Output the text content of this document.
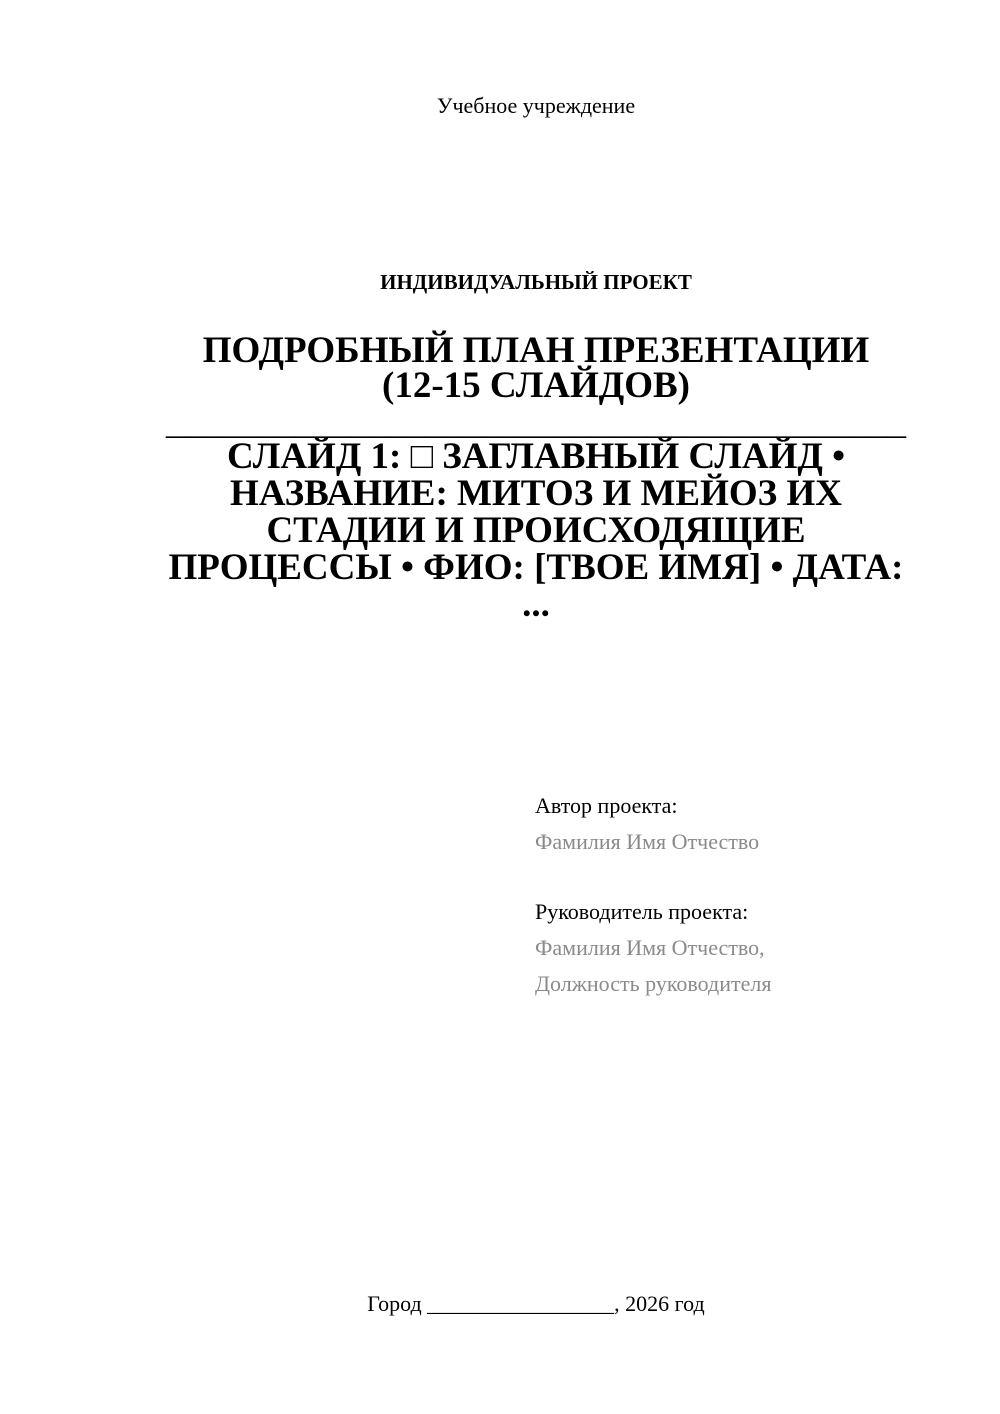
Учебное учреждение
ИНДИВИДУАЛЬНЫЙ ПРОЕКТ
ПОДРОБНЫЙ ПЛАН ПРЕЗЕНТАЦИИ
(12-15 СЛАЙДОВ)
________________________________________
СЛАЙД 1: □ ЗАГЛАВНЫЙ СЛАЙД •
НАЗВАНИЕ: МИТОЗ И МЕЙОЗ ИХ
СТАДИИ И ПРОИСХОДЯЩИЕ
ПРОЦЕССЫ • ФИО: [ТВОЕ ИМЯ] • ДАТА:
...
Автор проекта:
Фамилия Имя Отчество
Руководитель проекта:
Фамилия Имя Отчество,
Должность руководителя
Город _________________, 2026 год
